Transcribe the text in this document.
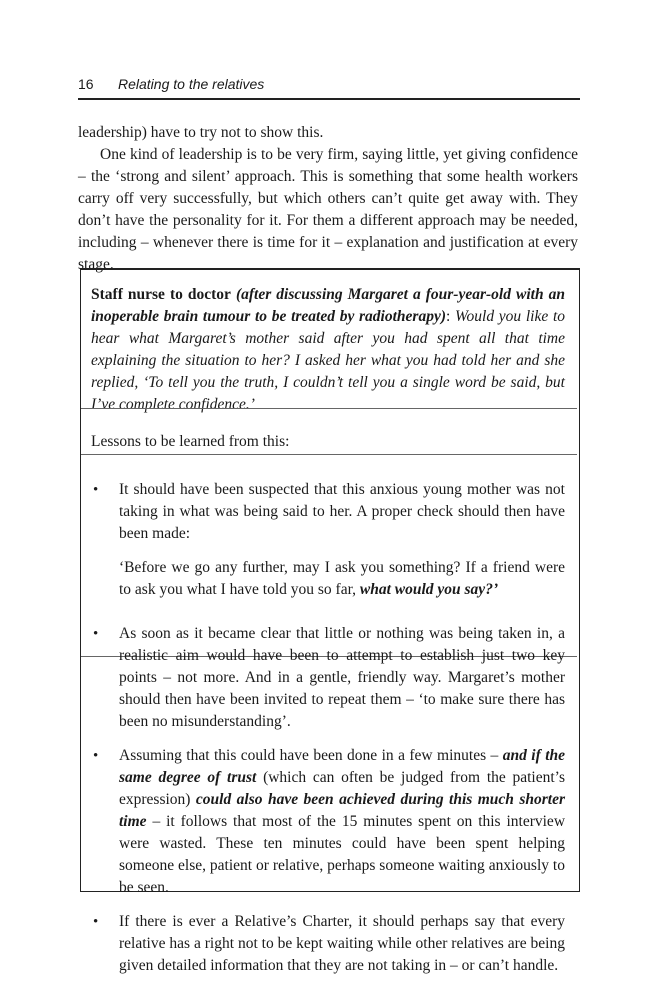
16 Relating to the relatives

leadership) have to try not to show this.

One kind of leadership is to be very firm, saying little, yet giving confidence – the ‘strong and silent’ approach. This is something that some health workers carry off very successfully, but which others can’t quite get away with. They don’t have the personality for it. For them a different approach may be needed, including – whenever there is time for it – explanation and justification at every stage.

Staff nurse to doctor (after discussing Margaret a four-year-old with an inoperable brain tumour to be treated by radiotherapy): Would you like to hear what Margaret’s mother said after you had spent all that time explaining the situation to her? I asked her what you had told her and she replied, ‘To tell you the truth, I couldn’t tell you a single word be said, but I’ve complete confidence.’

Lessons to be learned from this:

• It should have been suspected that this anxious young mother was not taking in what was being said to her. A proper check should then have been made:

‘Before we go any further, may I ask you something? If a friend were to ask you what I have told you so far, what would you say?’

• As soon as it became clear that little or nothing was being taken in, a realistic aim would have been to attempt to establish just two key points – not more. And in a gentle, friendly way. Margaret’s mother should then have been invited to repeat them – ‘to make sure there has been no misunderstanding’.
• Assuming that this could have been done in a few minutes – and if the same degree of trust (which can often be judged from the patient’s expression) could also have been achieved during this much shorter time – it follows that most of the 15 minutes spent on this interview were wasted. These ten minutes could have been spent helping someone else, patient or relative, perhaps someone waiting anxiously to be seen.
• If there is ever a Relative’s Charter, it should perhaps say that every relative has a right not to be kept waiting while other relatives are being given detailed information that they are not taking in – or can’t handle.
